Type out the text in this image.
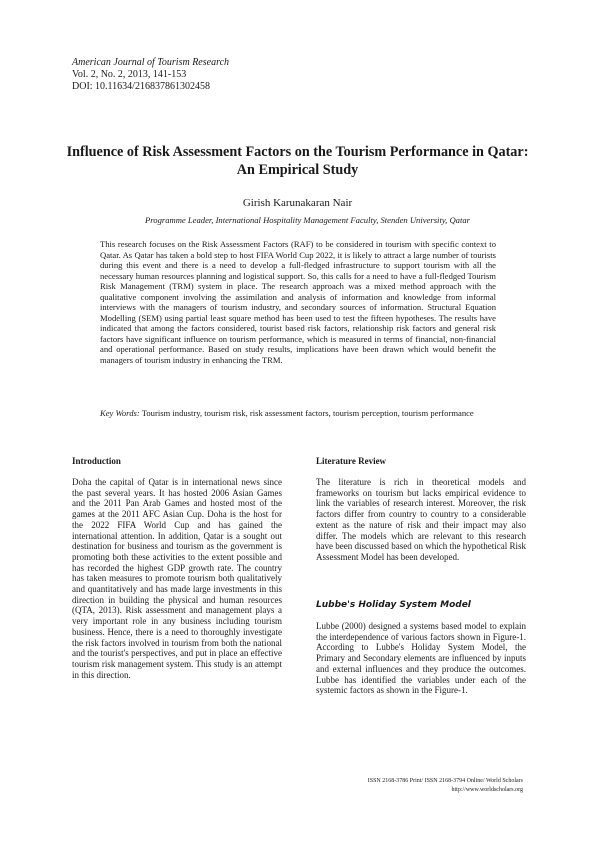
American Journal of Tourism Research
Vol. 2, No. 2, 2013, 141-153
DOI: 10.11634/216837861302458
Influence of Risk Assessment Factors on the Tourism Performance in Qatar:
An Empirical Study
Girish Karunakaran Nair
Programme Leader, International Hospitality Management Faculty, Stenden University, Qatar
This research focuses on the Risk Assessment Factors (RAF) to be considered in tourism with specific context to Qatar. As Qatar has taken a bold step to host FIFA World Cup 2022, it is likely to attract a large number of tourists during this event and there is a need to develop a full-fledged infrastructure to support tourism with all the necessary human resources planning and logistical support. So, this calls for a need to have a full-fledged Tourism Risk Management (TRM) system in place. The research approach was a mixed method approach with the qualitative component involving the assimilation and analysis of information and knowledge from informal interviews with the managers of tourism industry, and secondary sources of information. Structural Equation Modelling (SEM) using partial least square method has been used to test the fifteen hypotheses. The results have indicated that among the factors considered, tourist based risk factors, relationship risk factors and general risk factors have significant influence on tourism performance, which is measured in terms of financial, non-financial and operational performance. Based on study results, implications have been drawn which would benefit the managers of tourism industry in enhancing the TRM.
Key Words: Tourism industry, tourism risk, risk assessment factors, tourism perception, tourism performance
Introduction
Doha the capital of Qatar is in international news since the past several years. It has hosted 2006 Asian Games and the 2011 Pan Arab Games and hosted most of the games at the 2011 AFC Asian Cup. Doha is the host for the 2022 FIFA World Cup and has gained the international attention. In addition, Qatar is a sought out destination for business and tourism as the government is promoting both these activities to the extent possible and has recorded the highest GDP growth rate. The country has taken measures to promote tourism both qualitatively and quantitatively and has made large investments in this direction in building the physical and human resources (QTA, 2013). Risk assessment and management plays a very important role in any business including tourism business. Hence, there is a need to thoroughly investigate the risk factors involved in tourism from both the national and the tourist's perspectives, and put in place an effective tourism risk management system. This study is an attempt in this direction.
Literature Review
The literature is rich in theoretical models and frameworks on tourism but lacks empirical evidence to link the variables of research interest. Moreover, the risk factors differ from country to country to a considerable extent as the nature of risk and their impact may also differ. The models which are relevant to this research have been discussed based on which the hypothetical Risk Assessment Model has been developed.
Lubbe's Holiday System Model
Lubbe (2000) designed a systems based model to explain the interdependence of various factors shown in Figure-1. According to Lubbe's Holiday System Model, the Primary and Secondary elements are influenced by inputs and external influences and they produce the outcomes. Lubbe has identified the variables under each of the systemic factors as shown in the Figure-1.
ISSN 2168-3786 Print/ ISSN 2168-3794 Online/ World Scholars
http://www.worldscholars.org
